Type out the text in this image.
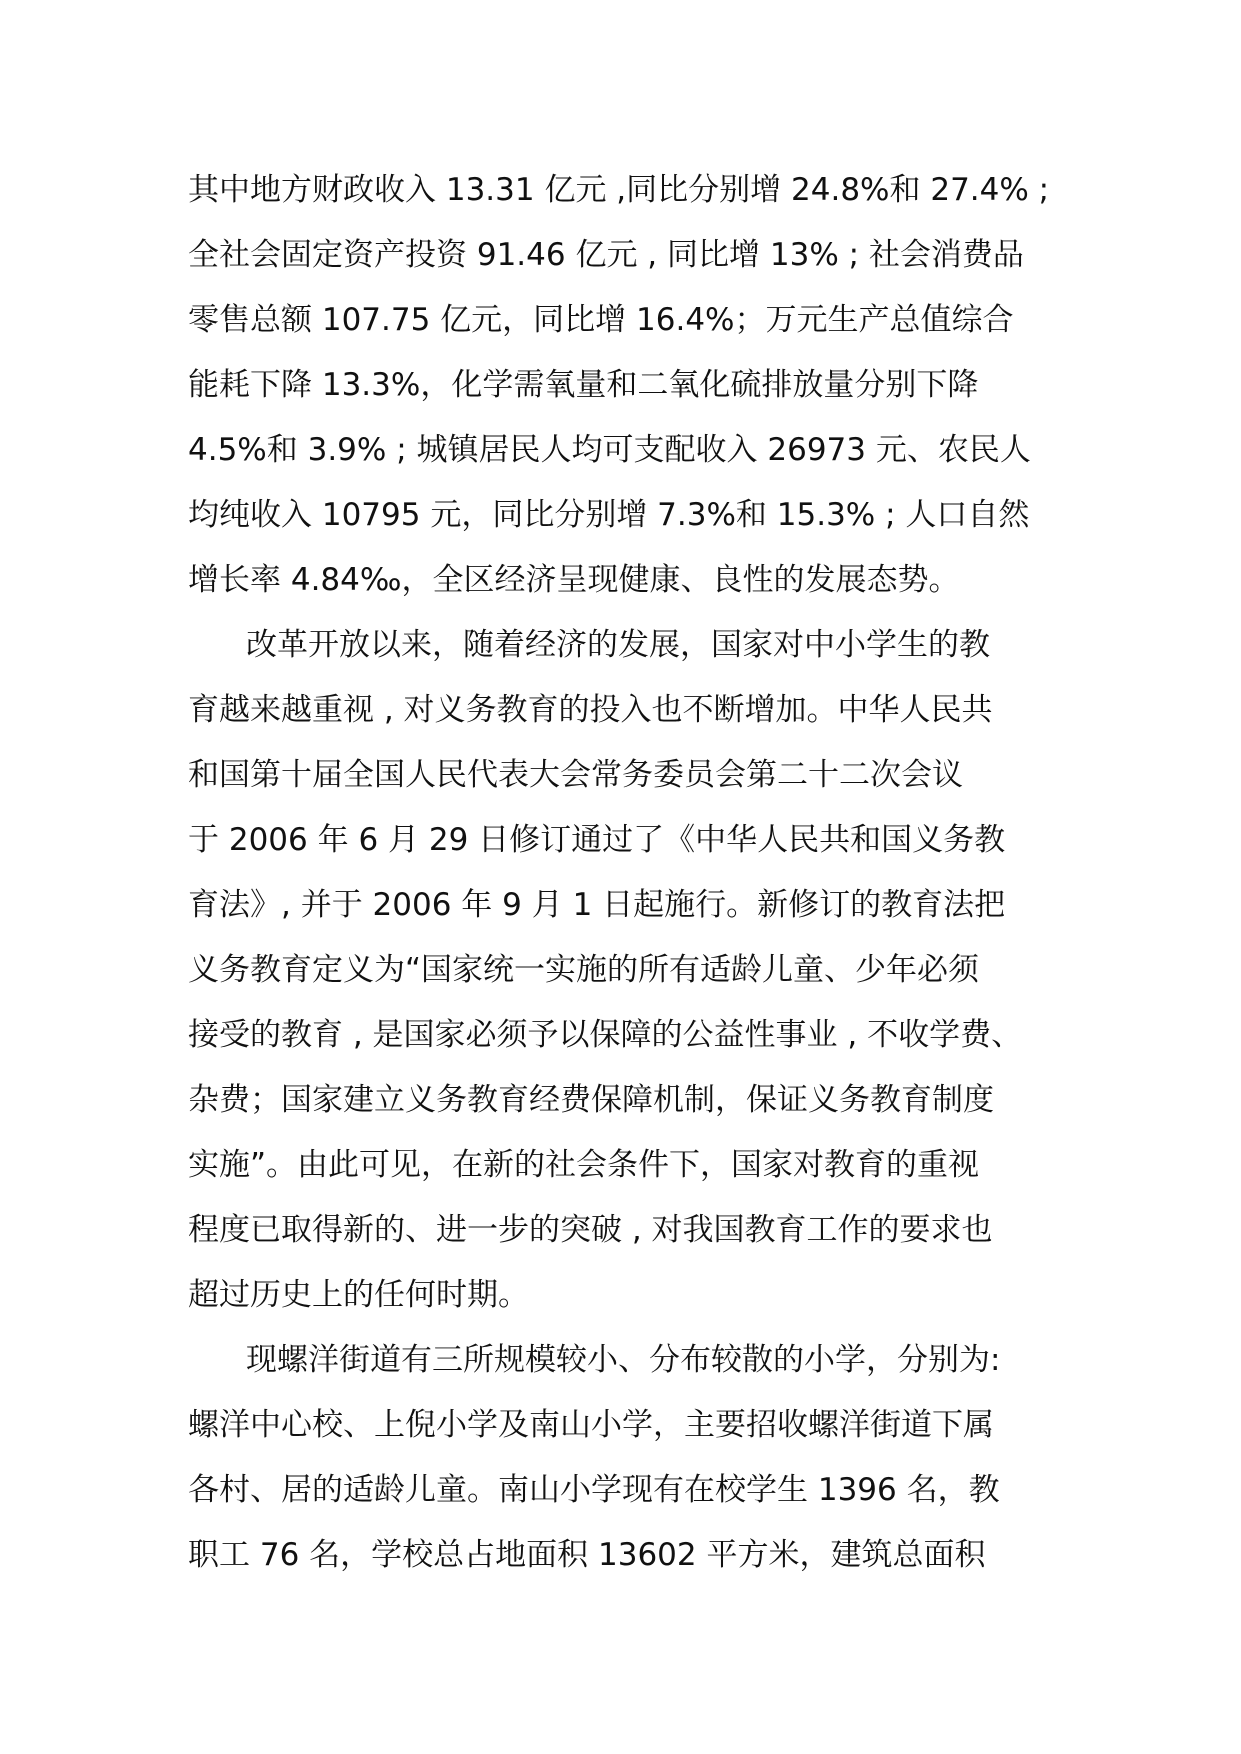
其中地方财政收入 13.31 亿元 ,同比分别增 24.8%和 27.4% ;
全社会固定资产投资 91.46 亿元 , 同比增 13% ; 社会消费品
零售总额 107.75 亿元，同比增 16.4%；万元生产总值综合
能耗下降 13.3%，化学需氧量和二氧化硫排放量分别下降
4.5%和 3.9% ; 城镇居民人均可支配收入 26973 元、农民人
均纯收入 10795 元，同比分别增 7.3%和 15.3% ; 人口自然
增长率 4.84‰，全区经济呈现健康、良性的发展态势。
改革开放以来，随着经济的发展，国家对中小学生的教
育越来越重视 , 对义务教育的投入也不断增加。中华人民共
和国第十届全国人民代表大会常务委员会第二十二次会议
于 2006 年 6 月 29 日修订通过了《中华人民共和国义务教
育法》, 并于 2006 年 9 月 1 日起施行。新修订的教育法把
义务教育定义为“国家统一实施的所有适龄儿童、少年必须
接受的教育 , 是国家必须予以保障的公益性事业 , 不收学费、
杂费；国家建立义务教育经费保障机制，保证义务教育制度
实施”。由此可见，在新的社会条件下，国家对教育的重视
程度已取得新的、进一步的突破 , 对我国教育工作的要求也
超过历史上的任何时期。
现螺洋街道有三所规模较小、分布较散的小学，分别为:
螺洋中心校、上倪小学及南山小学，主要招收螺洋街道下属
各村、居的适龄儿童。南山小学现有在校学生 1396 名，教
职工 76 名，学校总占地面积 13602 平方米，建筑总面积
